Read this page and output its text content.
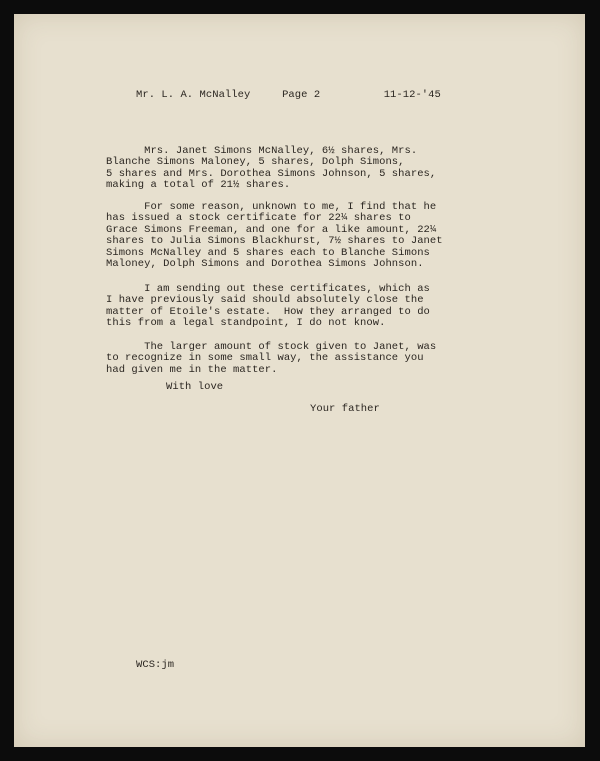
Mr. L. A. McNalley     Page 2          11-12-'45

Mrs. Janet Simons McNalley, 6½ shares, Mrs.
Blanche Simons Maloney, 5 shares, Dolph Simons,
5 shares and Mrs. Dorothea Simons Johnson, 5 shares,
making a total of 21½ shares.

For some reason, unknown to me, I find that he
has issued a stock certificate for 22¼ shares to
Grace Simons Freeman, and one for a like amount, 22¼
shares to Julia Simons Blackhurst, 7½ shares to Janet
Simons McNalley and 5 shares each to Blanche Simons
Maloney, Dolph Simons and Dorothea Simons Johnson.

I am sending out these certificates, which as
I have previously said should absolutely close the
matter of Etoile's estate.  How they arranged to do
this from a legal standpoint, I do not know.

The larger amount of stock given to Janet, was
to recognize in some small way, the assistance you
had given me in the matter.

With love

Your father

WCS:jm
